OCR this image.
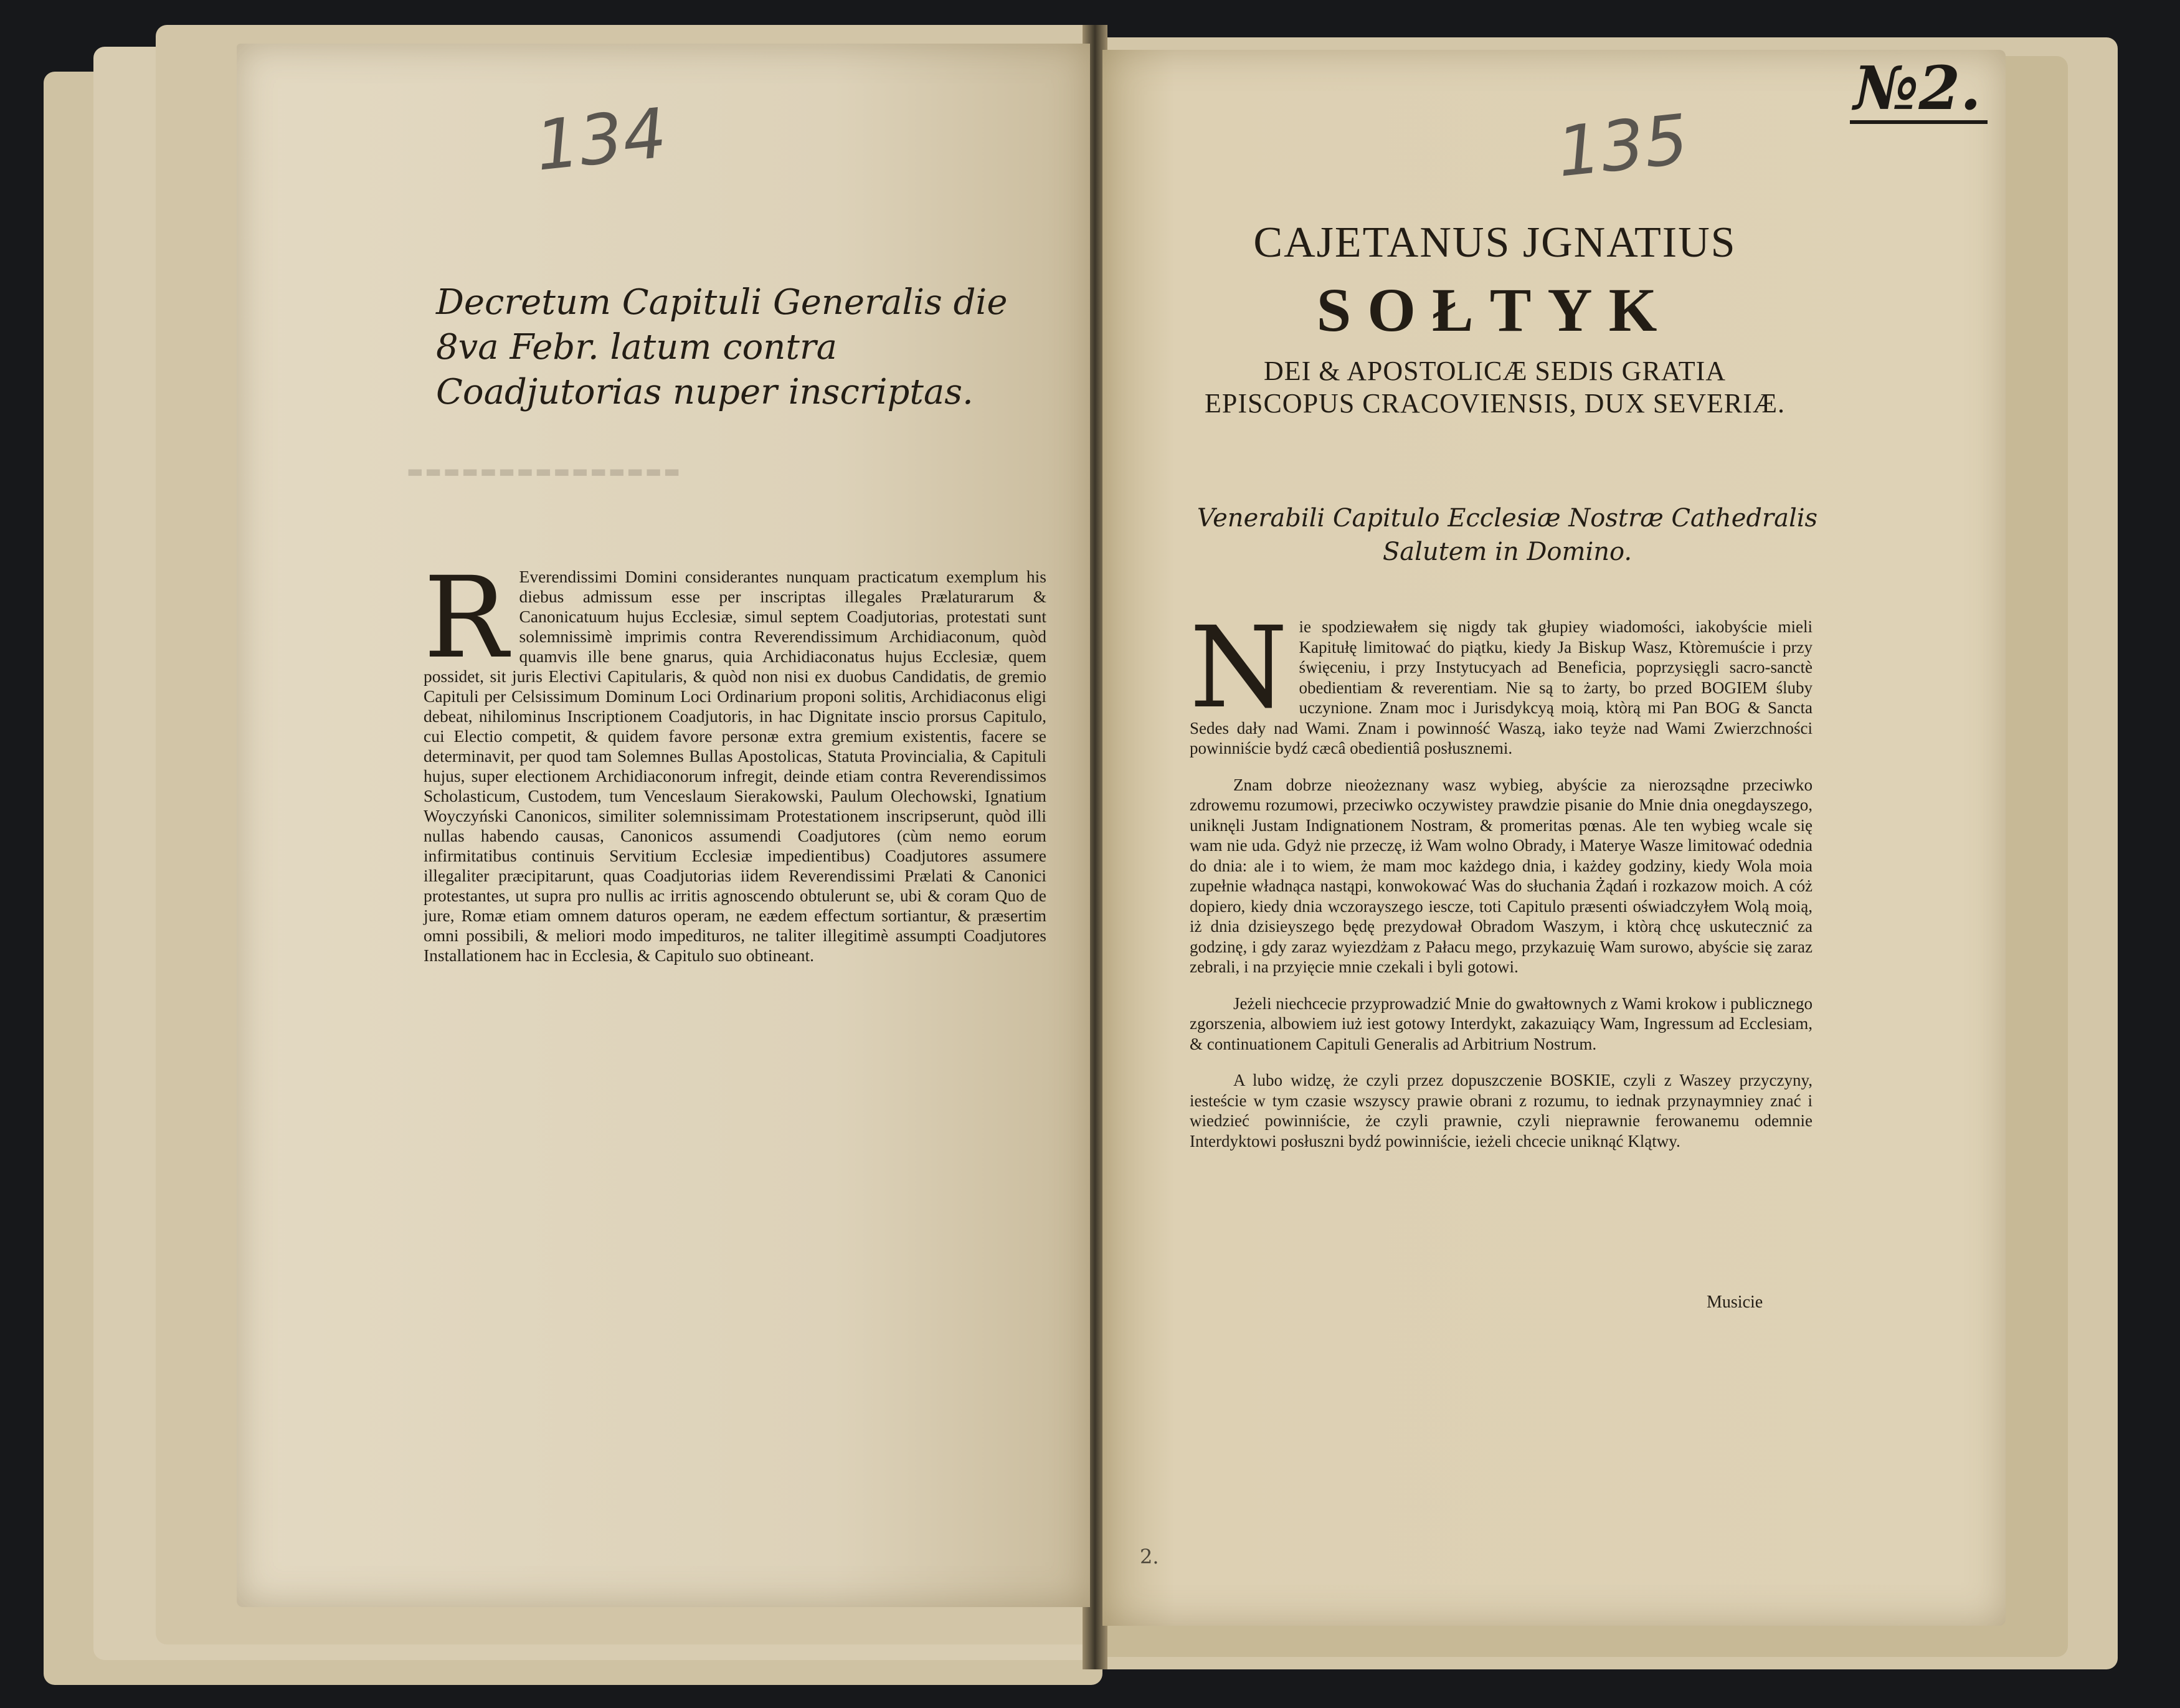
134
Decretum Capituli Generalis die 8va Febr. latum contra Coadjutorias nuper inscriptas.
▬▬▬▬▬▬▬▬▬▬▬▬▬▬▬
R Everendissimi Domini considerantes nunquam practicatum exemplum his diebus admissum esse per inscriptas illegales Prælaturarum & Canonicatuum hujus Ecclesiæ, simul septem Coadjutorias, protestati sunt solemnissimè imprimis contra Reverendissimum Archidiaconum, quòd quamvis ille bene gnarus, quia Archidiaconatus hujus Ecclesiæ, quem possidet, sit juris Electivi Capitularis, & quòd non nisi ex duobus Candidatis, de gremio Capituli per Celsissimum Dominum Loci Ordinarium proponi solitis, Archidiaconus eligi debeat, nihilominus Inscriptionem Coadjutoris, in hac Dignitate inscio prorsus Capitulo, cui Electio competit, & quidem favore personæ extra gremium existentis, facere se determinavit, per quod tam Solemnes Bullas Apostolicas, Statuta Provincialia, & Capituli hujus, super electionem Archidiaconorum infregit, deinde etiam contra Reverendissimos Scholasticum, Custodem, tum Venceslaum Sierakowski, Paulum Olechowski, Ignatium Woyczyński Canonicos, similiter solemnissimam Protestationem inscripserunt, quòd illi nullas habendo causas, Canonicos assumendi Coadjutores (cùm nemo eorum infirmitatibus continuis Servitium Ecclesiæ impedientibus) Coadjutores assumere illegaliter præcipitarunt, quas Coadjutorias iidem Reverendissimi Prælati & Canonici protestantes, ut supra pro nullis ac irritis agnoscendo obtulerunt se, ubi & coram Quo de jure, Romæ etiam omnem daturos operam, ne eædem effectum sortiantur, & præsertim omni possibili, & meliori modo impedituros, ne taliter illegitimè assumpti Coadjutores Installationem hac in Ecclesia, & Capitulo suo obtineant.
№2.
135
CAJETANUS JGNATIUS
SOŁTYK
DEI & APOSTOLICÆ SEDIS GRATIA EPISCOPUS CRACOVIENSIS, DUX SEVERIÆ.
Venerabili Capitulo Ecclesiæ Nostræ Cathedralis Salutem in Domino.

N ie spodziewałem się nigdy tak głupiey wiadomości, iakobyście mieli Kapitułę limitować do piątku, kiedy Ja Biskup Wasz, Ktòremuście i przy święceniu, i przy Instytucyach ad Beneficia, poprzysięgli sacro-sanctè obedientiam & reverentiam. Nie są to żarty, bo przed BOGIEM śluby uczynione. Znam moc i Jurisdykcyą moią, ktòrą mi Pan BOG & Sancta Sedes dały nad Wami. Znam i powinność Waszą, iako teyże nad Wami Zwierzchności powinniście bydź cæcâ obedientiâ posłusznemi.

Znam dobrze nieożeznany wasz wybieg, abyście za nierozsądne przeciwko zdrowemu rozumowi, przeciwko oczywistey prawdzie pisanie do Mnie dnia onegdayszego, uniknęli Justam Indignationem Nostram, & promeritas pœnas. Ale ten wybieg wcale się wam nie uda. Gdyż nie przeczę, iż Wam wolno Obrady, i Materye Wasze limitować odednia do dnia: ale i to wiem, że mam moc każdego dnia, i każdey godziny, kiedy Wola moia zupełnie władnąca nastąpi, konwokować Was do słuchania Żądań i rozkazow moich. A cóż dopiero, kiedy dnia wczorayszego iescze, toti Capitulo præsenti oświadczyłem Wolą moią, iż dnia dzisieyszego będę prezydował Obradom Waszym, i ktòrą chcę uskutecznić za godzinę, i gdy zaraz wyiezdżam z Pałacu mego, przykazuię Wam surowo, abyście się zaraz zebrali, i na przyięcie mnie czekali i byli gotowi.

Jeżeli niechcecie przyprowadzić Mnie do gwałtownych z Wami krokow i publicznego zgorszenia, albowiem iuż iest gotowy Interdykt, zakazuiący Wam, Ingressum ad Ecclesiam, & continuationem Capituli Generalis ad Arbitrium Nostrum.

A lubo widzę, że czyli przez dopuszczenie BOSKIE, czyli z Waszey przyczyny, iesteście w tym czasie wszyscy prawie obrani z rozumu, to iednak przynaymniey znać i wiedzieć powinniście, że czyli prawnie, czyli nieprawnie ferowanemu odemnie Interdyktowi posłuszni bydź powinniście, ieżeli chcecie uniknąć Klątwy.

Musicie
2.
